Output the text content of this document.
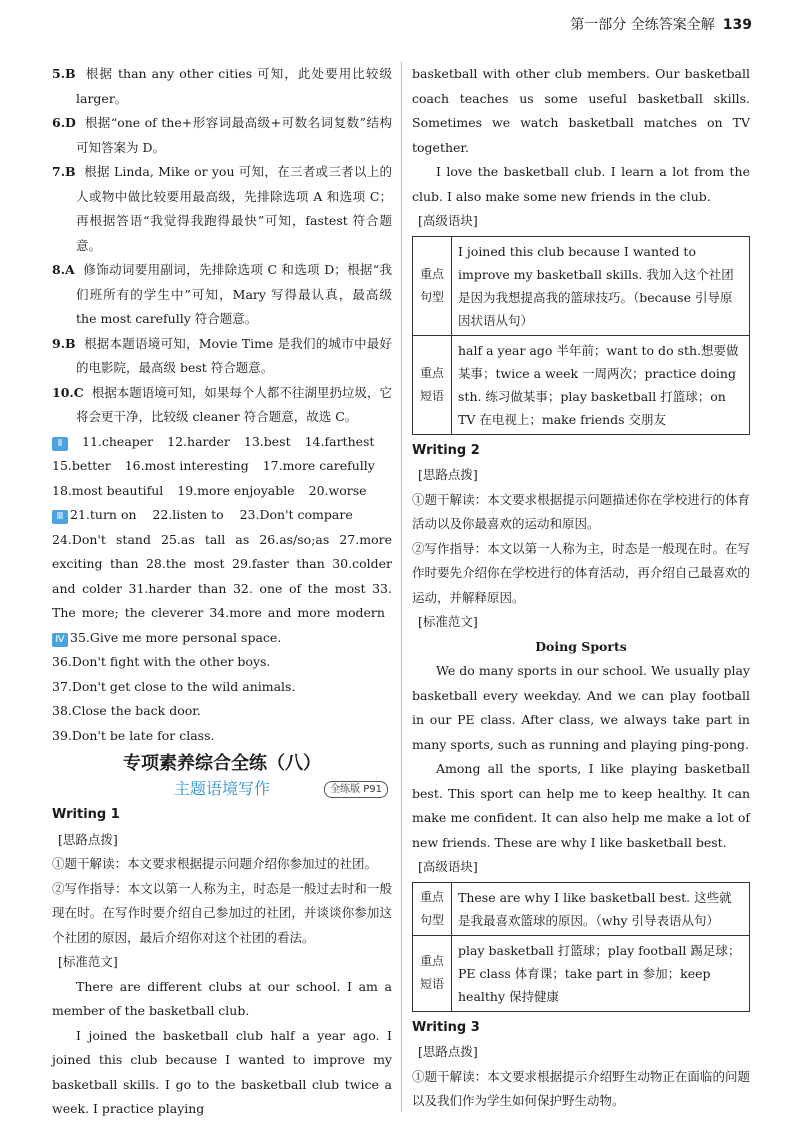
第一部分 全练答案全解 139

5.B 根据 than any other cities 可知，此处要用比较级 larger。

6.D 根据“one of the+形容词最高级+可数名词复数”结构可知答案为 D。

7.B 根据 Linda, Mike or you 可知，在三者或三者以上的人或物中做比较要用最高级，先排除选项 A 和选项 C；再根据答语“我觉得我跑得最快”可知，fastest 符合题意。

8.A 修饰动词要用副词，先排除选项 C 和选项 D；根据“我们班所有的学生中”可知，Mary 写得最认真，最高级 the most carefully 符合题意。

9.B 根据本题语境可知，Movie Time 是我们的城市中最好的电影院，最高级 best 符合题意。

10.C 根据本题语境可知，如果每个人都不往湖里扔垃圾，它将会更干净，比较级 cleaner 符合题意，故选 C。

Ⅱ 11.cheaper 12.harder 13.best 14.farthest

15.better 16.most interesting 17.more carefully

18.most beautiful 19.more enjoyable 20.worse

Ⅲ 21.turn on    22.listen to    23.Don't compare

24.Don't stand 25.as tall as 26.as/so;as 27.more exciting than 28.the most 29.faster than 30.colder and colder 31.harder than 32. one of the most 33. The more; the cleverer 34.more and more modern

Ⅳ 35.Give me more personal space.

36.Don't fight with the other boys.

37.Don't get close to the wild animals.

38.Close the back door.

39.Don't be late for class.

专项素养综合全练（八）

主题语境写作	全练版 P91

Writing 1

[思路点拨]

①题干解读：本文要求根据提示问题介绍你参加过的社团。

②写作指导：本文以第一人称为主，时态是一般过去时和一般现在时。在写作时要介绍自己参加过的社团，并谈谈你参加这个社团的原因，最后介绍你对这个社团的看法。

[标准范文]

There are different clubs at our school. I am a member of the basketball club.

I joined the basketball club half a year ago. I joined this club because I wanted to improve my basketball skills. I go to the basketball club twice a week. I practice playing

basketball with other club members. Our basketball coach teaches us some useful basketball skills. Sometimes we watch basketball matches on TV together.

I love the basketball club. I learn a lot from the club. I also make some new friends in the club.

[高级语块]

重点句型	I joined this club because I wanted to improve my basketball skills. 我加入这个社团是因为我想提高我的篮球技巧。（because 引导原因状语从句）
重点短语	half a year ago 半年前；want to do sth.想要做某事；twice a week 一周两次；practice doing sth. 练习做某事；play basketball 打篮球；on TV 在电视上；make friends 交朋友

Writing 2

[思路点拨]

①题干解读：本文要求根据提示问题描述你在学校进行的体育活动以及你最喜欢的运动和原因。

②写作指导：本文以第一人称为主，时态是一般现在时。在写作时要先介绍你在学校进行的体育活动，再介绍自己最喜欢的运动，并解释原因。

[标准范文]

Doing Sports

We do many sports in our school. We usually play basketball every weekday. And we can play football in our PE class. After class, we always take part in many sports, such as running and playing ping-pong.

Among all the sports, I like playing basketball best. This sport can help me to keep healthy. It can make me confident. It can also help me make a lot of new friends. These are why I like basketball best.

[高级语块]

重点句型	These are why I like basketball best. 这些就是我最喜欢篮球的原因。（why 引导表语从句）
重点短语	play basketball 打篮球；play football 踢足球；PE class 体育课；take part in 参加；keep healthy 保持健康

Writing 3

[思路点拨]

①题干解读：本文要求根据提示介绍野生动物正在面临的问题以及我们作为学生如何保护野生动物。
